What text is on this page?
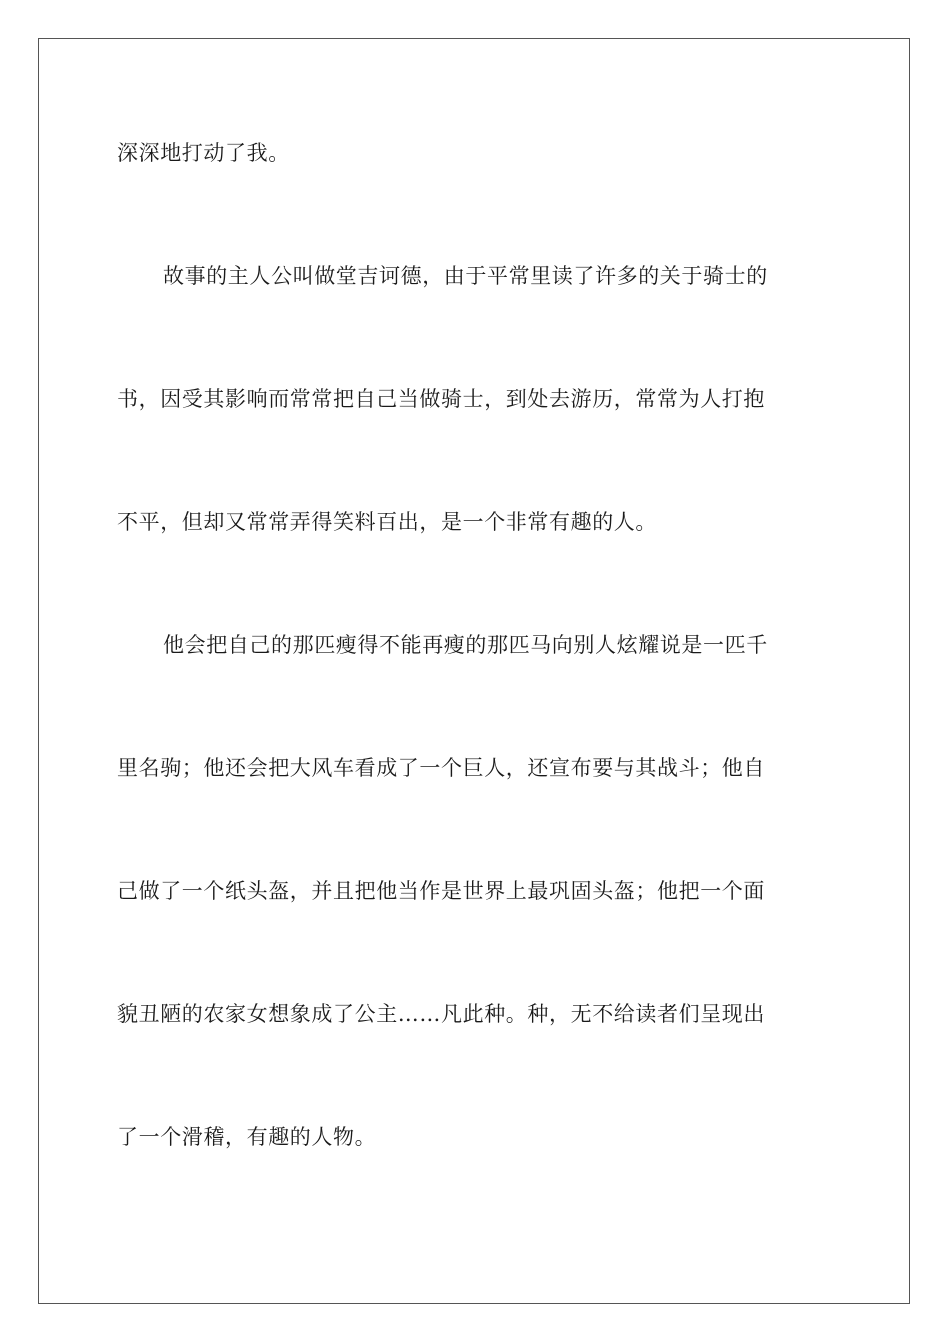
深深地打动了我。
故事的主人公叫做堂吉诃德，由于平常里读了许多的关于骑士的
书，因受其影响而常常把自己当做骑士，到处去游历，常常为人打抱
不平，但却又常常弄得笑料百出，是一个非常有趣的人。
他会把自己的那匹瘦得不能再瘦的那匹马向别人炫耀说是一匹千
里名驹；他还会把大风车看成了一个巨人，还宣布要与其战斗；他自
己做了一个纸头盔，并且把他当作是世界上最巩固头盔；他把一个面
貌丑陋的农家女想象成了公主……凡此种。种，无不给读者们呈现出
了一个滑稽，有趣的人物。
